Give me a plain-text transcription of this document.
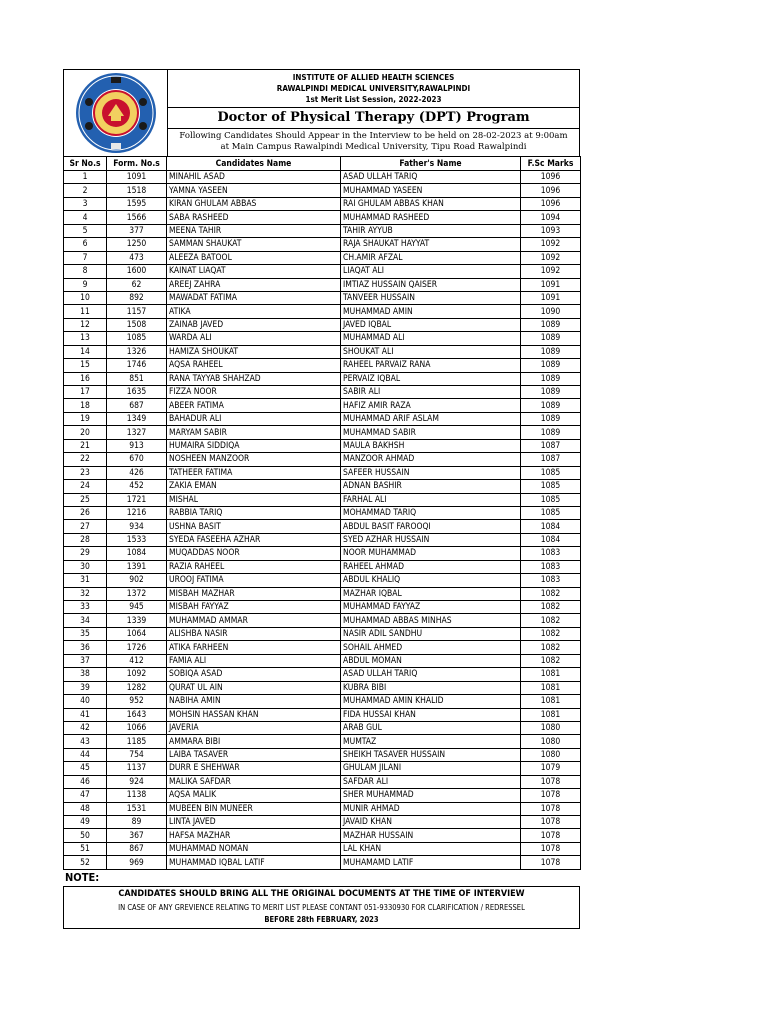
INSTITUTE OF ALLIED HEALTH SCIENCES
RAWALPINDI MEDICAL UNIVERSITY,RAWALPINDI
1st Merit List Session, 2022-2023
Doctor of Physical Therapy (DPT) Program
Following Candidates Should Appear in the Interview to be held on 28-02-2023 at 9:00am
at Main Campus Rawalpindi Medical University, Tipu Road Rawalpindi
Sr No.s	Form. No.s	Candidates Name	Father's Name	F.Sc Marks
1	1091	MINAHIL ASAD	ASAD ULLAH TARIQ	1096
2	1518	YAMNA YASEEN	MUHAMMAD YASEEN	1096
3	1595	KIRAN GHULAM ABBAS	RAI GHULAM ABBAS KHAN	1096
4	1566	SABA RASHEED	MUHAMMAD RASHEED	1094
5	377	MEENA TAHIR	TAHIR AYYUB	1093
6	1250	SAMMAN SHAUKAT	RAJA SHAUKAT HAYYAT	1092
7	473	ALEEZA BATOOL	CH.AMIR AFZAL	1092
8	1600	KAINAT LIAQAT	LIAQAT ALI	1092
9	62	AREEJ ZAHRA	IMTIAZ HUSSAIN QAISER	1091
10	892	MAWADAT FATIMA	TANVEER HUSSAIN	1091
11	1157	ATIKA	MUHAMMAD AMIN	1090
12	1508	ZAINAB JAVED	JAVED IQBAL	1089
13	1085	WARDA ALI	MUHAMMAD ALI	1089
14	1326	HAMIZA SHOUKAT	SHOUKAT ALI	1089
15	1746	AQSA RAHEEL	RAHEEL PARVAIZ RANA	1089
16	851	RANA TAYYAB SHAHZAD	PERVAIZ IQBAL	1089
17	1635	FIZZA NOOR	SABIR ALI	1089
18	687	ABEER FATIMA	HAFIZ AMIR RAZA	1089
19	1349	BAHADUR ALI	MUHAMMAD ARIF ASLAM	1089
20	1327	MARYAM SABIR	MUHAMMAD SABIR	1089
21	913	HUMAIRA SIDDIQA	MAULA BAKHSH	1087
22	670	NOSHEEN MANZOOR	MANZOOR AHMAD	1087
23	426	TATHEER FATIMA	SAFEER HUSSAIN	1085
24	452	ZAKIA EMAN	ADNAN BASHIR	1085
25	1721	MISHAL	FARHAL ALI	1085
26	1216	RABBIA TARIQ	MOHAMMAD TARIQ	1085
27	934	USHNA BASIT	ABDUL BASIT FAROOQI	1084
28	1533	SYEDA FASEEHA AZHAR	SYED AZHAR HUSSAIN	1084
29	1084	MUQADDAS NOOR	NOOR MUHAMMAD	1083
30	1391	RAZIA RAHEEL	RAHEEL AHMAD	1083
31	902	UROOJ FATIMA	ABDUL KHALIQ	1083
32	1372	MISBAH MAZHAR	MAZHAR IQBAL	1082
33	945	MISBAH FAYYAZ	MUHAMMAD FAYYAZ	1082
34	1339	MUHAMMAD AMMAR	MUHAMMAD ABBAS MINHAS	1082
35	1064	ALISHBA NASIR	NASIR ADIL SANDHU	1082
36	1726	ATIKA FARHEEN	SOHAIL AHMED	1082
37	412	FAMIA ALI	ABDUL MOMAN	1082
38	1092	SOBIQA ASAD	ASAD ULLAH TARIQ	1081
39	1282	QURAT UL AIN	KUBRA BIBI	1081
40	952	NABIHA AMIN	MUHAMMAD AMIN KHALID	1081
41	1643	MOHSIN HASSAN KHAN	FIDA HUSSAI KHAN	1081
42	1066	JAVERIA	ARAB GUL	1080
43	1185	AMMARA BIBI	MUMTAZ	1080
44	754	LAIBA TASAVER	SHEIKH TASAVER HUSSAIN	1080
45	1137	DURR E SHEHWAR	GHULAM JILANI	1079
46	924	MALIKA SAFDAR	SAFDAR ALI	1078
47	1138	AQSA MALIK	SHER MUHAMMAD	1078
48	1531	MUBEEN BIN MUNEER	MUNIR AHMAD	1078
49	89	LINTA JAVED	JAVAID KHAN	1078
50	367	HAFSA MAZHAR	MAZHAR HUSSAIN	1078
51	867	MUHAMMAD NOMAN	LAL KHAN	1078
52	969	MUHAMMAD IQBAL LATIF	MUHAMAMD LATIF	1078
NOTE:
CANDIDATES SHOULD BRING ALL THE ORIGINAL DOCUMENTS AT THE TIME OF INTERVIEW
IN CASE OF ANY GREVIENCE RELATING TO MERIT LIST PLEASE CONTANT 051-9330930 FOR CLARIFICATION / REDRESSEL
BEFORE 28th FEBRUARY, 2023
